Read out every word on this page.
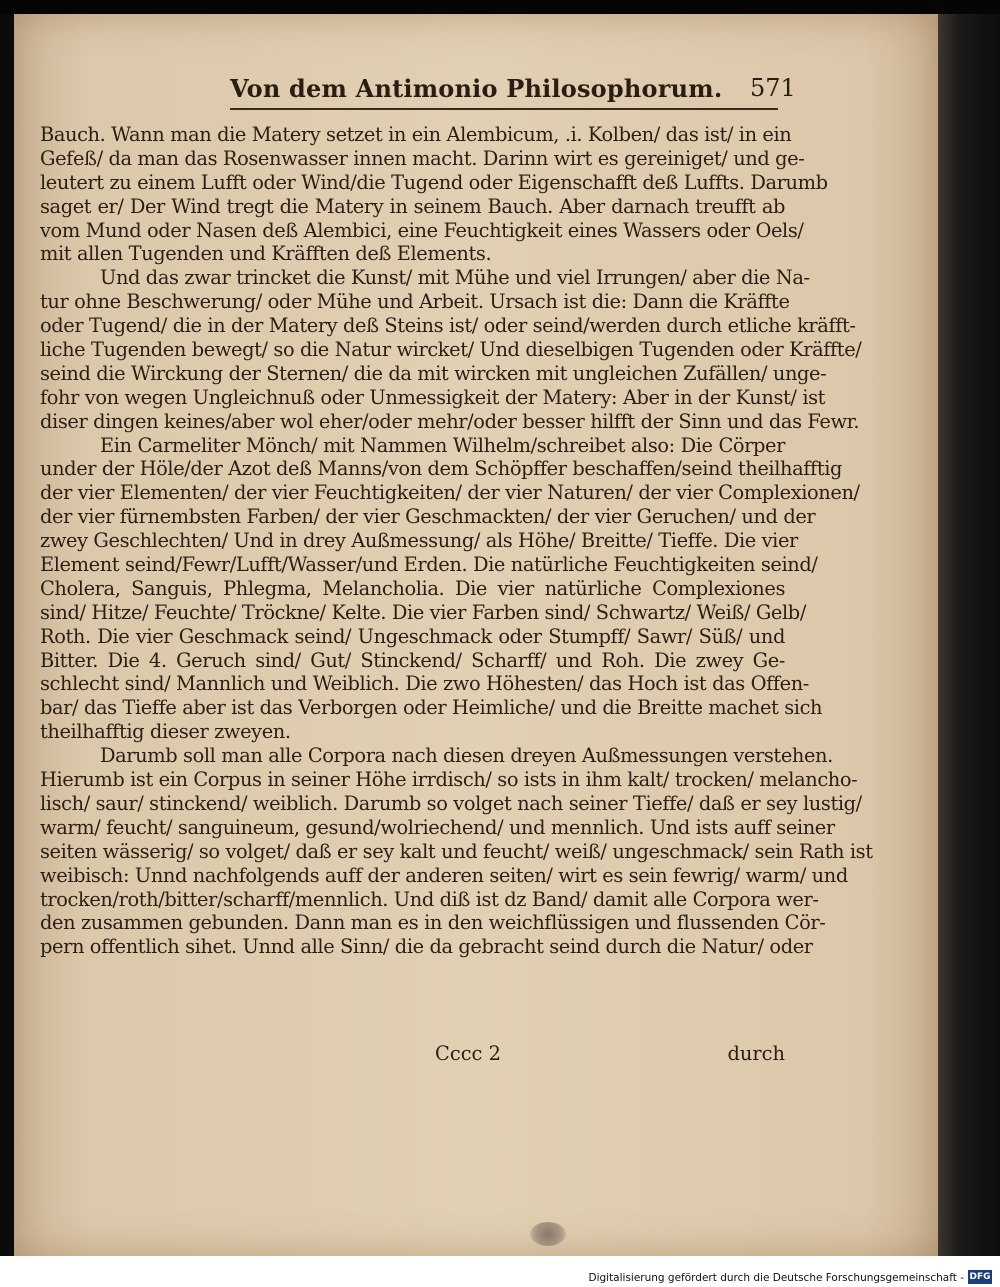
Von dem Antimonio Philosophorum. 571
Bauch. Wann man die Matery setzet in ein Alembicum, .i. Kolben/ das ist/ in ein
Gefeß/ da man das Rosenwasser innen macht. Darinn wirt es gereiniget/ und ge-
leutert zu einem Lufft oder Wind/die Tugend oder Eigenschafft deß Luffts. Darumb
saget er/ Der Wind tregt die Matery in seinem Bauch. Aber darnach treufft ab
vom Mund oder Nasen deß Alembici, eine Feuchtigkeit eines Wassers oder Oels/
mit allen Tugenden und Kräfften deß Elements.
Und das zwar trincket die Kunst/ mit Mühe und viel Irrungen/ aber die Na-
tur ohne Beschwerung/ oder Mühe und Arbeit. Ursach ist die: Dann die Kräffte
oder Tugend/ die in der Matery deß Steins ist/ oder seind/werden durch etliche kräfft-
liche Tugenden bewegt/ so die Natur wircket/ Und dieselbigen Tugenden oder Kräffte/
seind die Wirckung der Sternen/ die da mit wircken mit ungleichen Zufällen/ unge-
fohr von wegen Ungleichnuß oder Unmessigkeit der Matery: Aber in der Kunst/ ist
diser dingen keines/aber wol eher/oder mehr/oder besser hilfft der Sinn und das Fewr.
Ein Carmeliter Mönch/ mit Nammen Wilhelm/schreibet also: Die Cörper
under der Höle/der Azot deß Manns/von dem Schöpffer beschaffen/seind theilhafftig
der vier Elementen/ der vier Feuchtigkeiten/ der vier Naturen/ der vier Complexionen/
der vier fürnembsten Farben/ der vier Geschmackten/ der vier Geruchen/ und der
zwey Geschlechten/ Und in drey Außmessung/ als Höhe/ Breitte/ Tieffe. Die vier
Element seind/Fewr/Lufft/Wasser/und Erden. Die natürliche Feuchtigkeiten seind/
Cholera, Sanguis, Phlegma, Melancholia. Die vier natürliche Complexiones
sind/ Hitze/ Feuchte/ Tröckne/ Kelte. Die vier Farben sind/ Schwartz/ Weiß/ Gelb/
Roth. Die vier Geschmack seind/ Ungeschmack oder Stumpff/ Sawr/ Süß/ und
Bitter. Die 4. Geruch sind/ Gut/ Stinckend/ Scharff/ und Roh. Die zwey Ge-
schlecht sind/ Mannlich und Weiblich. Die zwo Höhesten/ das Hoch ist das Offen-
bar/ das Tieffe aber ist das Verborgen oder Heimliche/ und die Breitte machet sich
theilhafftig dieser zweyen.
Darumb soll man alle Corpora nach diesen dreyen Außmessungen verstehen.
Hierumb ist ein Corpus in seiner Höhe irrdisch/ so ists in ihm kalt/ trocken/ melancho-
lisch/ saur/ stinckend/ weiblich. Darumb so volget nach seiner Tieffe/ daß er sey lustig/
warm/ feucht/ sanguineum, gesund/wolriechend/ und mennlich. Und ists auff seiner
seiten wässerig/ so volget/ daß er sey kalt und feucht/ weiß/ ungeschmack/ sein Rath ist
weibisch: Unnd nachfolgends auff der anderen seiten/ wirt es sein fewrig/ warm/ und
trocken/roth/bitter/scharff/mennlich. Und diß ist dz Band/ damit alle Corpora wer-
den zusammen gebunden. Dann man es in den weichflüssigen und flussenden Cör-
pern offentlich sihet. Unnd alle Sinn/ die da gebracht seind durch die Natur/ oder
Cccc 2	durch
Digitalisierung gefördert durch die Deutsche Forschungsgemeinschaft - DFG
